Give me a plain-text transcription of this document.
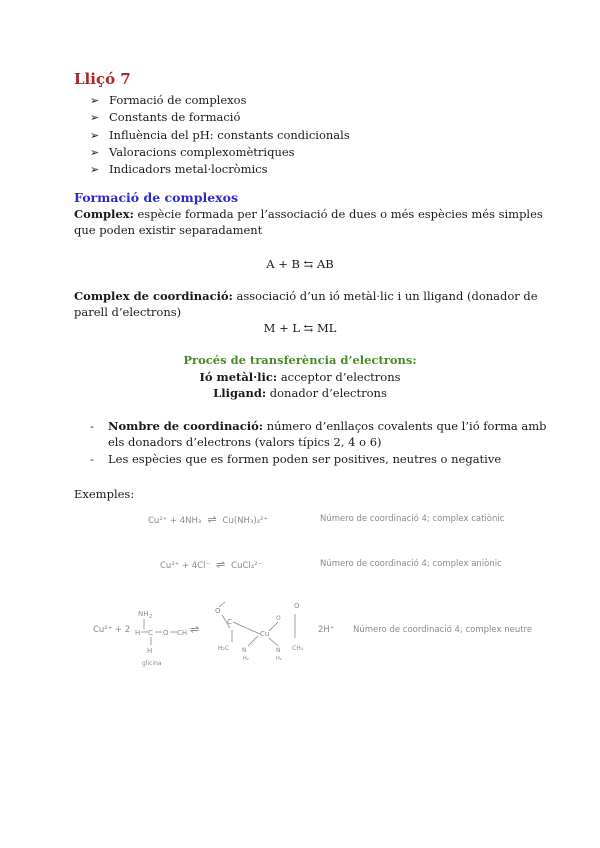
Lliçó 7
➢ Formació de complexos
➢ Constants de formació
➢ Influència del pH: constants condicionals
➢ Valoracions complexomètriques
➢ Indicadors metal·locròmics
Formació de complexos

Complex: espècie formada per l’associació de dues o més espècies més simples que poden existir separadament

A + B ⇆ AB

Complex de coordinació: associació d’un ió metàl·lic i un lligand (donador de parell d’electrons)

M + L ⇆ ML

Procés de transferència d’electrons:

Ió metàl·lic: acceptor d’electrons

Lligand: donador d’electrons

-	Nombre de coordinació: número d’enllaços covalents que l’ió forma amb els donadors d’electrons (valors típics 2, 4 o 6)
-	Les espècies que es formen poden ser positives, neutres o negative

Exemples:

Cu²⁺ + 4NH₃ ⇌ Cu(NH₃)₄²⁺	Número de coordinació 4; complex catiònic
Cu²⁺ + 4Cl⁻ ⇌ CuCl₄²⁻	Número de coordinació 4; complex aniònic
Cu²⁺ + 2
NH 2
H C O CH
H
glicina
⇌
O
C
H₂C
Cu
O
N
H₂
N
H₂
O
CH₂
2H⁺ Número de coordinació 4; complex neutre
